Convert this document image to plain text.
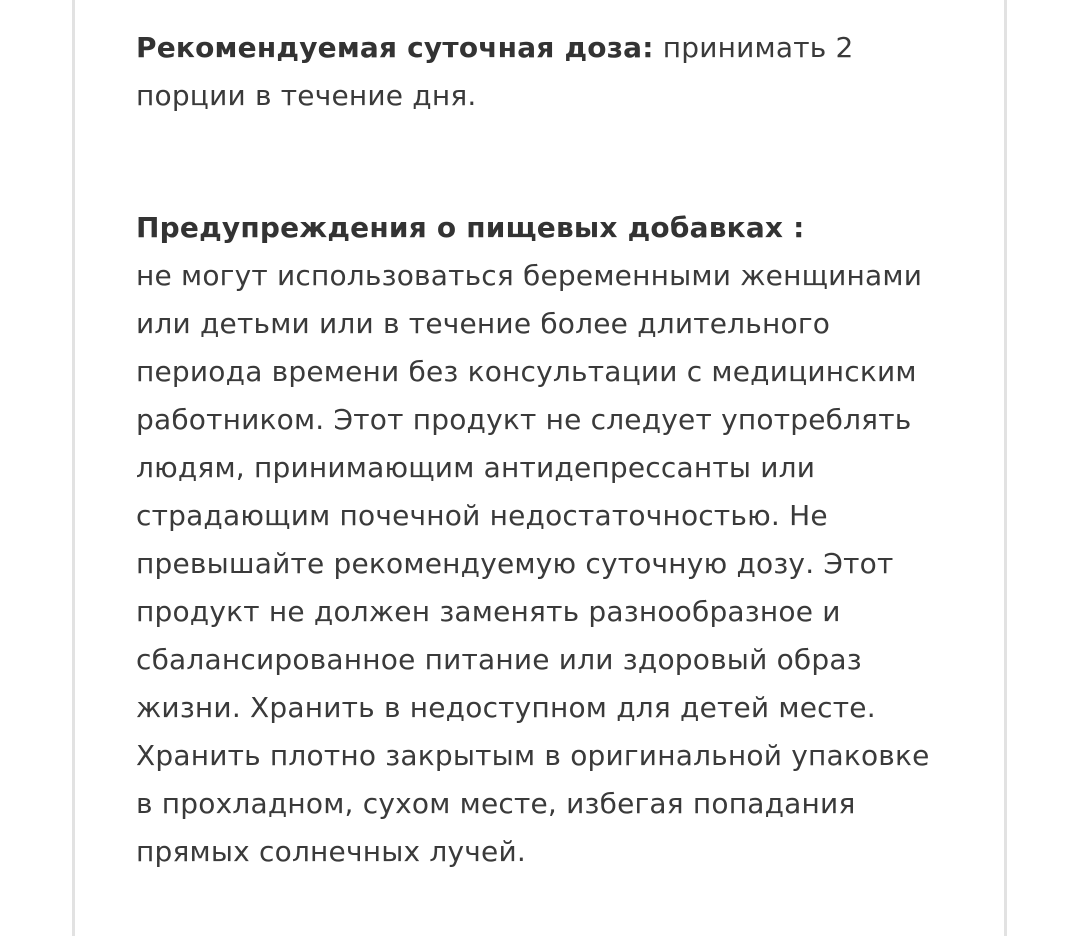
Рекомендуемая суточная доза: принимать 2 порции в течение дня.

Предупреждения о пищевых добавках :

не могут использоваться беременными женщинами или детьми или в течение более длительного периода времени без консультации с медицинским работником. Этот продукт не следует употреблять людям, принимающим антидепрессанты или страдающим почечной недостаточностью. Не превышайте рекомендуемую суточную дозу. Этот продукт не должен заменять разнообразное и сбалансированное питание или здоровый образ жизни. Хранить в недоступном для детей месте. Хранить плотно закрытым в оригинальной упаковке в прохладном, сухом месте, избегая попадания прямых солнечных лучей.
